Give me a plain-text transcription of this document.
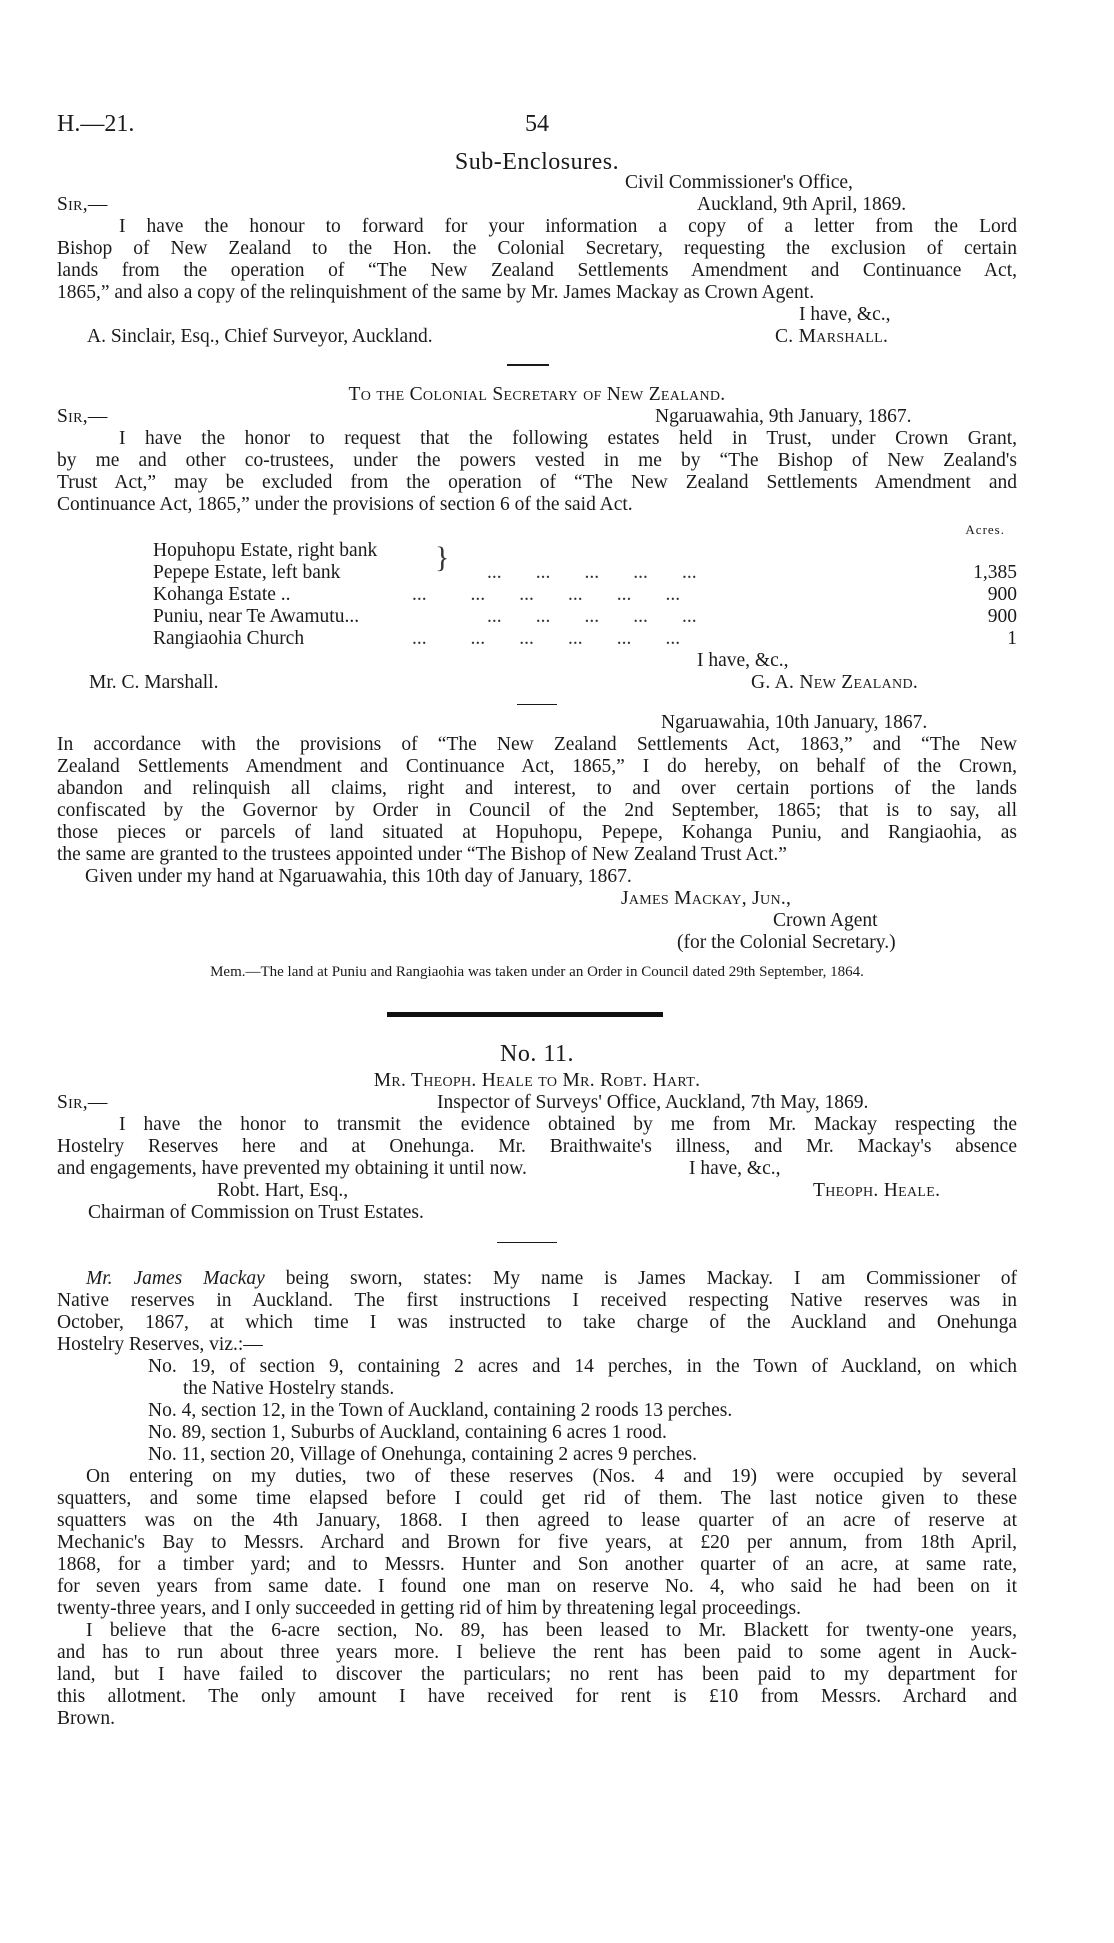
H.—21.	54
Sub-Enclosures.
Civil Commissioner's Office,
Sir,—	Auckland, 9th April, 1869.
I have the honour to forward for your information a copy of a letter from the Lord
Bishop of New Zealand to the Hon. the Colonial Secretary, requesting the exclusion of certain
lands from the operation of “The New Zealand Settlements Amendment and Continuance Act,
1865,” and also a copy of the relinquishment of the same by Mr. James Mackay as Crown Agent.
I have, &c.,
A. Sinclair, Esq., Chief Surveyor, Auckland.	C. Marshall.
To the Colonial Secretary of New Zealand.
Sir,—	Ngaruawahia, 9th January, 1867.
I have the honor to request that the following estates held in Trust, under Crown Grant,
by me and other co-trustees, under the powers vested in me by “The Bishop of New Zealand's
Trust Act,” may be excluded from the operation of “The New Zealand Settlements Amendment and
Continuance Act, 1865,” under the provisions of section 6 of the said Act.
Acres.
Hopuhopu Estate, right bank }
Pepepe Estate, left bank	...       ...       ...       ...       ...	1,385
Kohanga Estate ..	...         ...       ...       ...       ...       ...	900
Puniu, near Te Awamutu...	...       ...       ...       ...       ...	900
Rangiaohia Church	...         ...       ...       ...       ...       ...	1
I have, &c.,
Mr. C. Marshall.	G. A. New Zealand.
Ngaruawahia, 10th January, 1867.
In accordance with the provisions of “The New Zealand Settlements Act, 1863,” and “The New
Zealand Settlements Amendment and Continuance Act, 1865,” I do hereby, on behalf of the Crown,
abandon and relinquish all claims, right and interest, to and over certain portions of the lands
confiscated by the Governor by Order in Council of the 2nd September, 1865; that is to say, all
those pieces or parcels of land situated at Hopuhopu, Pepepe, Kohanga Puniu, and Rangiaohia, as
the same are granted to the trustees appointed under “The Bishop of New Zealand Trust Act.”
Given under my hand at Ngaruawahia, this 10th day of January, 1867.
James Mackay, Jun.,
Crown Agent
(for the Colonial Secretary.)
Mem.—The land at Puniu and Rangiaohia was taken under an Order in Council dated 29th September, 1864.
No. 11.
Mr. Theoph. Heale to Mr. Robt. Hart.
Sir,—	Inspector of Surveys' Office, Auckland, 7th May, 1869.
I have the honor to transmit the evidence obtained by me from Mr. Mackay respecting the
Hostelry Reserves here and at Onehunga. Mr. Braithwaite's illness, and Mr. Mackay's absence
and engagements, have prevented my obtaining it until now.	I have, &c.,
Robt. Hart, Esq.,	Theoph. Heale.
Chairman of Commission on Trust Estates.
Mr. James Mackay being sworn, states: My name is James Mackay. I am Commissioner of
Native reserves in Auckland. The first instructions I received respecting Native reserves was in
October, 1867, at which time I was instructed to take charge of the Auckland and Onehunga
Hostelry Reserves, viz.:—
No. 19, of section 9, containing 2 acres and 14 perches, in the Town of Auckland, on which
the Native Hostelry stands.
No. 4, section 12, in the Town of Auckland, containing 2 roods 13 perches.
No. 89, section 1, Suburbs of Auckland, containing 6 acres 1 rood.
No. 11, section 20, Village of Onehunga, containing 2 acres 9 perches.
On entering on my duties, two of these reserves (Nos. 4 and 19) were occupied by several
squatters, and some time elapsed before I could get rid of them. The last notice given to these
squatters was on the 4th January, 1868. I then agreed to lease quarter of an acre of reserve at
Mechanic's Bay to Messrs. Archard and Brown for five years, at £20 per annum, from 18th April,
1868, for a timber yard; and to Messrs. Hunter and Son another quarter of an acre, at same rate,
for seven years from same date. I found one man on reserve No. 4, who said he had been on it
twenty-three years, and I only succeeded in getting rid of him by threatening legal proceedings.
I believe that the 6-acre section, No. 89, has been leased to Mr. Blackett for twenty-one years,
and has to run about three years more. I believe the rent has been paid to some agent in Auck-
land, but I have failed to discover the particulars; no rent has been paid to my department for
this allotment. The only amount I have received for rent is £10 from Messrs. Archard and
Brown.
